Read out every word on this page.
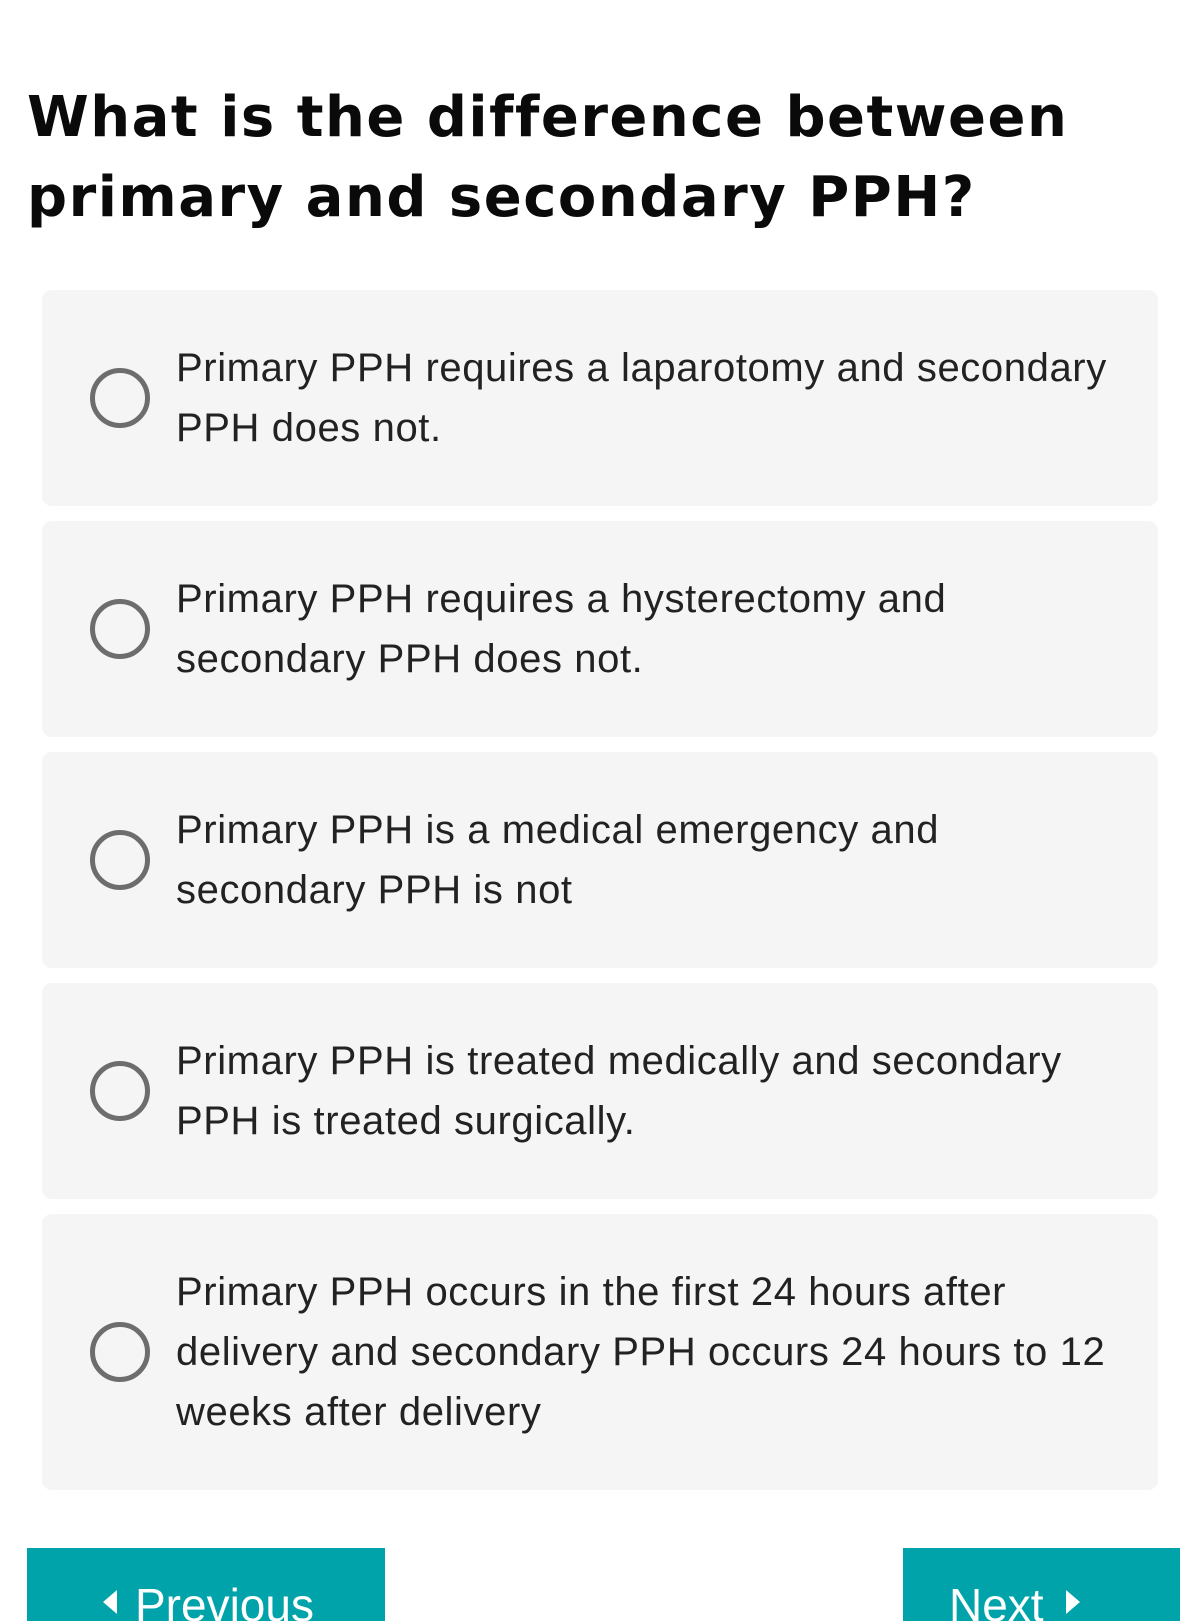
What is the difference between primary and secondary PPH?
Primary PPH requires a laparotomy and secondary PPH does not.
Primary PPH requires a hysterectomy and secondary PPH does not.
Primary PPH is a medical emergency and secondary PPH is not
Primary PPH is treated medically and secondary PPH is treated surgically.
Primary PPH occurs in the first 24 hours after delivery and secondary PPH occurs 24 hours to 12 weeks after delivery
Previous	Next
